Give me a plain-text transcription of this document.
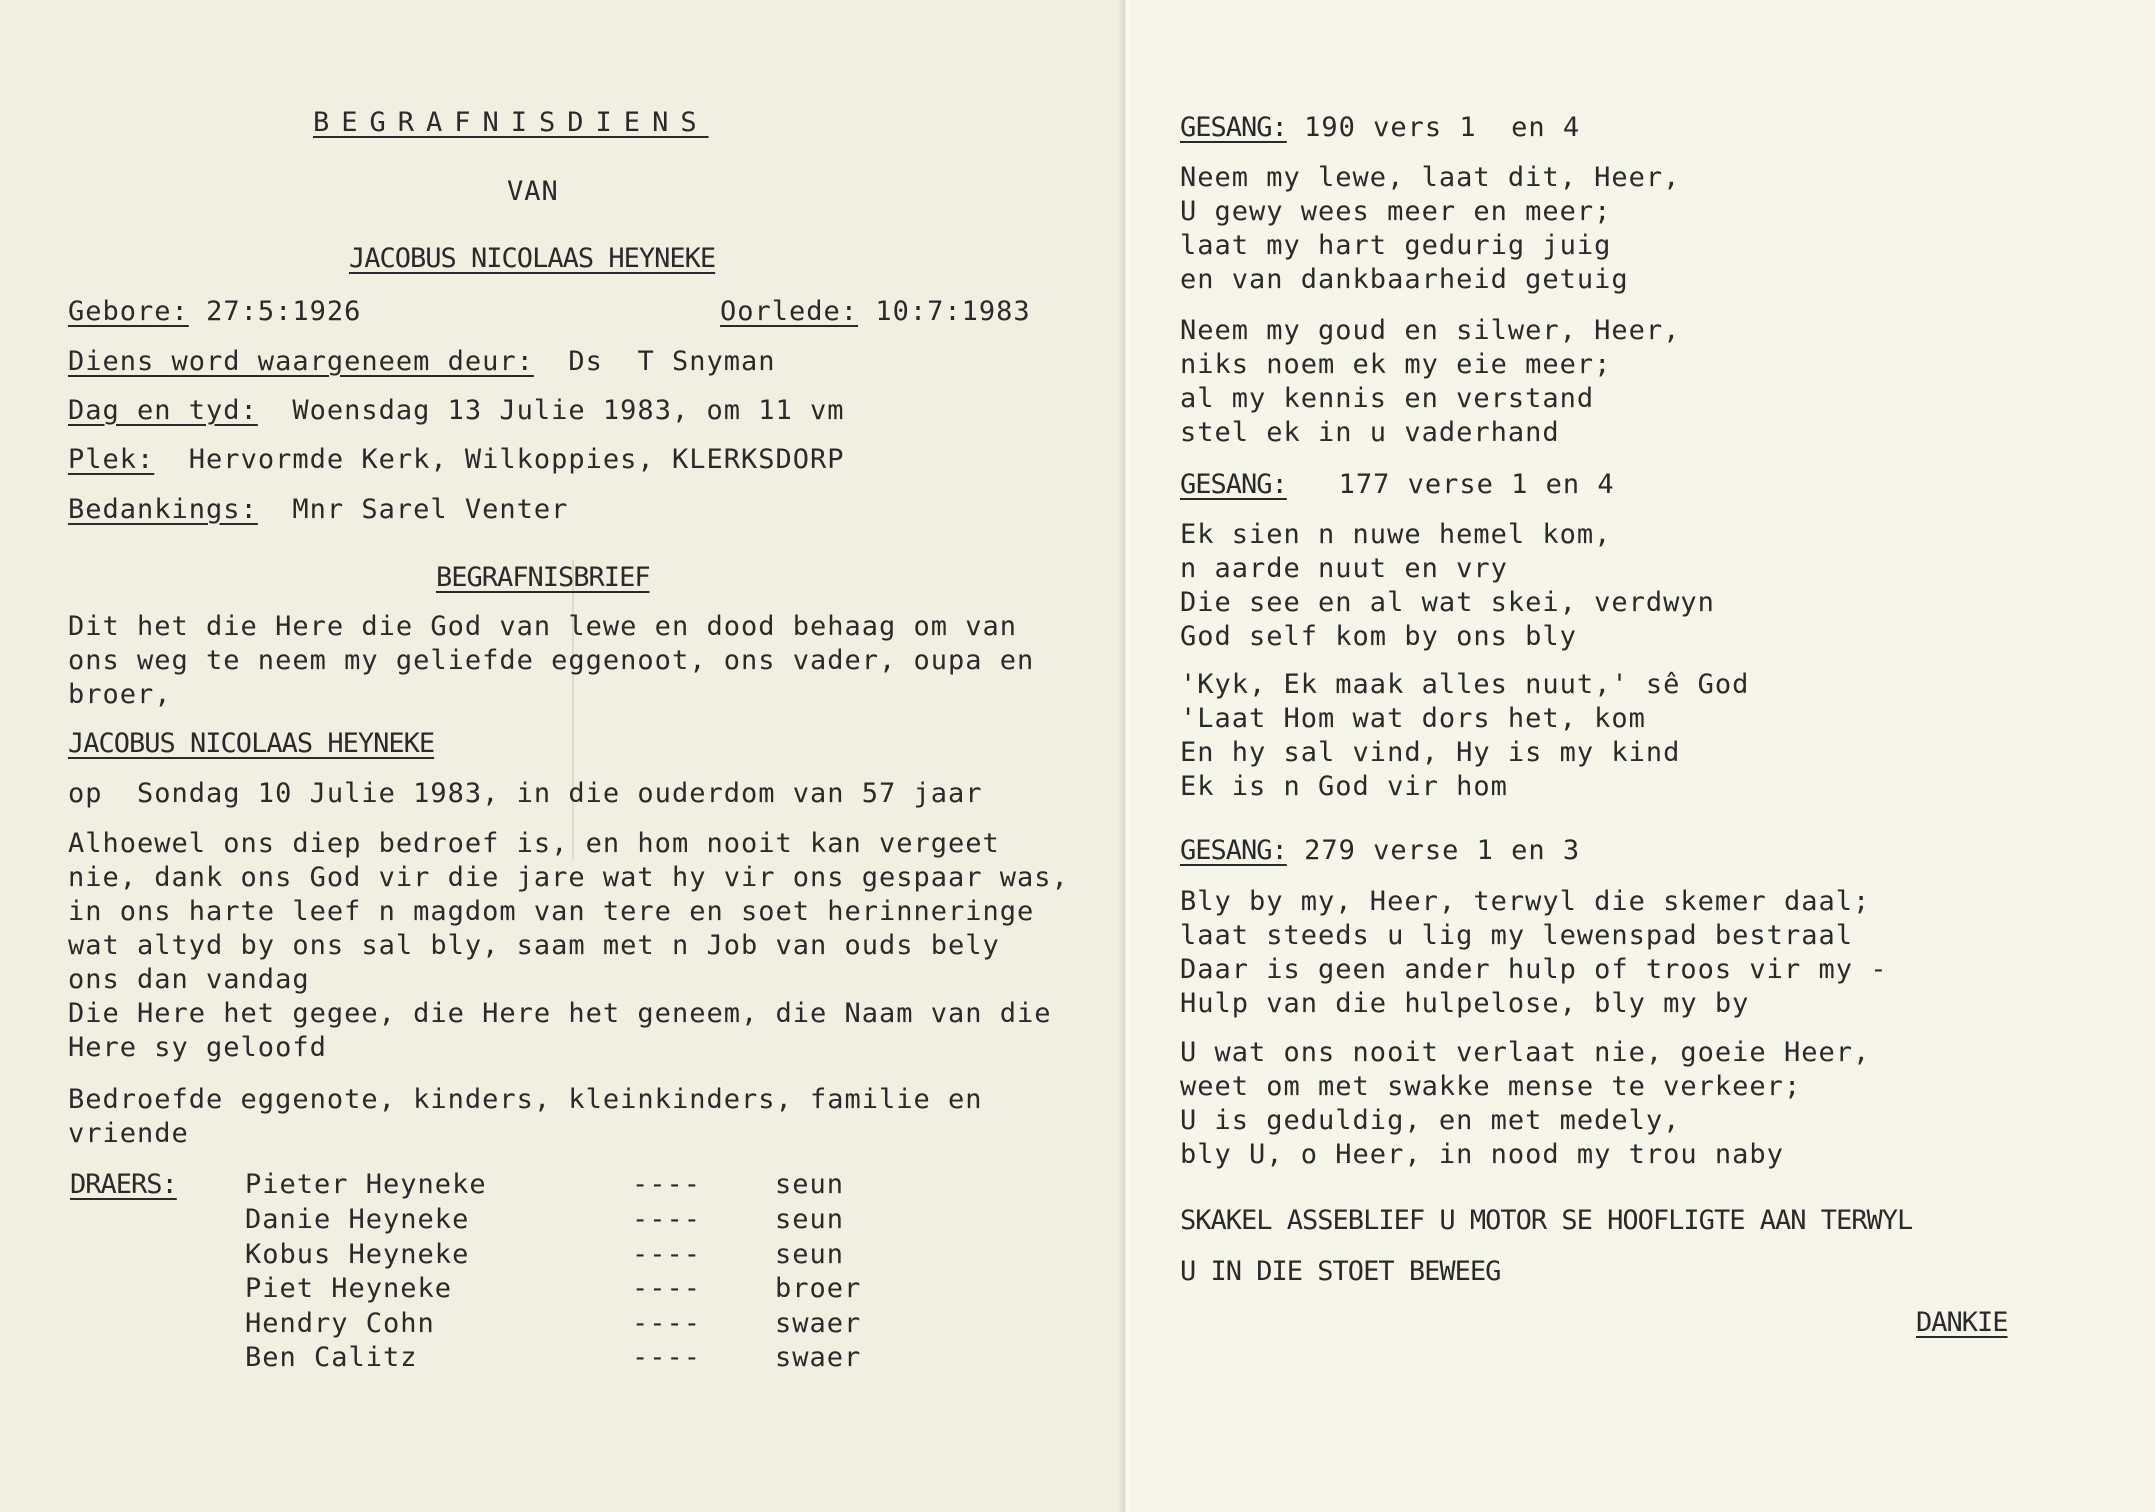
BEGRAFNISDIENS
VAN
JACOBUS NICOLAAS HEYNEKE
Gebore: 27:5:1926	Oorlede: 10:7:1983
Diens word waargeneem deur: Ds  T Snyman
Dag en tyd: Woensdag 13 Julie 1983, om 11 vm
Plek: Hervormde Kerk, Wilkoppies, KLERKSDORP
Bedankings: Mnr Sarel Venter
BEGRAFNISBRIEF
Dit het die Here die God van lewe en dood behaag om van
ons weg te neem my geliefde eggenoot, ons vader, oupa en
broer,
JACOBUS NICOLAAS HEYNEKE
op  Sondag 10 Julie 1983, in die ouderdom van 57 jaar
Alhoewel ons diep bedroef is, en hom nooit kan vergeet
nie, dank ons God vir die jare wat hy vir ons gespaar was,
in ons harte leef n magdom van tere en soet herinneringe
wat altyd by ons sal bly, saam met n Job van ouds bely
ons dan vandag
Die Here het gegee, die Here het geneem, die Naam van die
Here sy geloofd
Bedroefde eggenote, kinders, kleinkinders, familie en
vriende
DRAERS:	Pieter Heyneke	----	seun
Danie Heyneke	----	seun
Kobus Heyneke	----	seun
Piet Heyneke	----	broer
Hendry Cohn	----	swaer
Ben Calitz	----	swaer
GESANG: 190 vers 1  en 4
Neem my lewe, laat dit, Heer,
U gewy wees meer en meer;
laat my hart gedurig juig
en van dankbaarheid getuig
Neem my goud en silwer, Heer,
niks noem ek my eie meer;
al my kennis en verstand
stel ek in u vaderhand
GESANG: 177 verse 1 en 4
Ek sien n nuwe hemel kom,
n aarde nuut en vry
Die see en al wat skei, verdwyn
God self kom by ons bly
'Kyk, Ek maak alles nuut,' sê God
'Laat Hom wat dors het, kom
En hy sal vind, Hy is my kind
Ek is n God vir hom
GESANG: 279 verse 1 en 3
Bly by my, Heer, terwyl die skemer daal;
laat steeds u lig my lewenspad bestraal
Daar is geen ander hulp of troos vir my -
Hulp van die hulpelose, bly my by
U wat ons nooit verlaat nie, goeie Heer,
weet om met swakke mense te verkeer;
U is geduldig, en met medely,
bly U, o Heer, in nood my trou naby
SKAKEL ASSEBLIEF U MOTOR SE HOOFLIGTE AAN TERWYL
U IN DIE STOET BEWEEG
DANKIE
